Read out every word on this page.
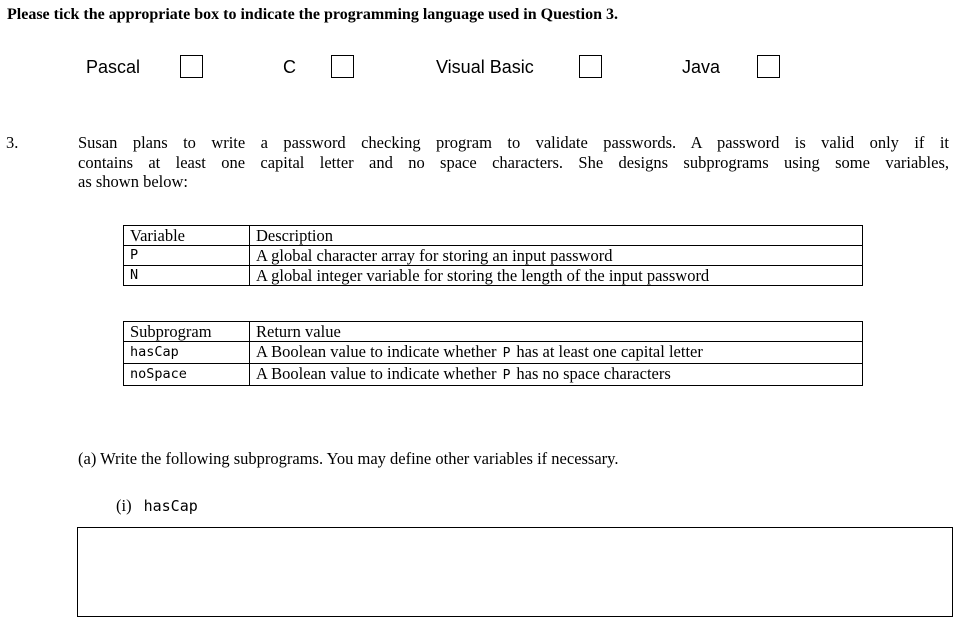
Please tick the appropriate box to indicate the programming language used in Question 3.
Pascal	C	Visual Basic	Java
3.	Susan plans to write a password checking program to validate passwords. A password is valid only if it
contains at least one capital letter and no space characters. She designs subprograms using some variables,
as shown below:
Variable	Description
P	A global character array for storing an input password
N	A global integer variable for storing the length of the input password
Subprogram	Return value
hasCap	A Boolean value to indicate whether P has at least one capital letter
noSpace	A Boolean value to indicate whether P has no space characters
(a) Write the following subprograms. You may define other variables if necessary.
(i) hasCap
